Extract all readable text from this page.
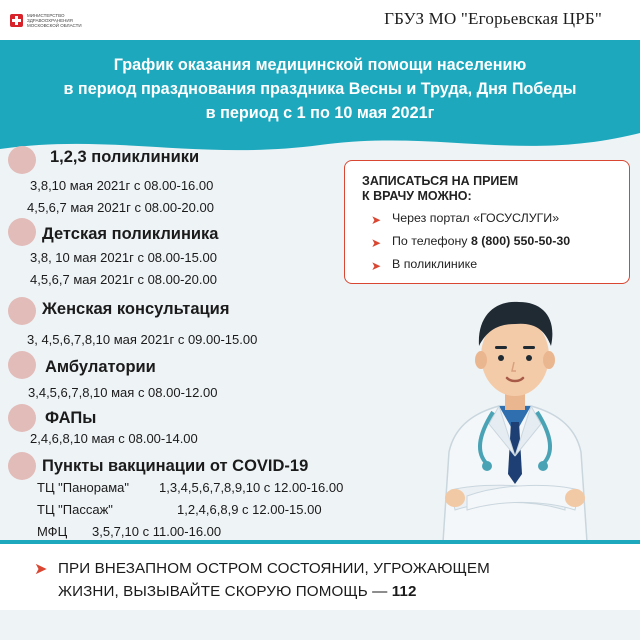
МИНИСТЕРСТВО ЗДРАВООХРАНЕНИЯ МОСКОВСКОЙ ОБЛАСТИ	ГБУЗ МО "Егорьевская ЦРБ"
График оказания медицинской помощи населению
в период празднования праздника Весны и Труда, Дня Победы
в период с 1 по 10 мая 2021г
1,2,3 поликлиники
3,8,10 мая 2021г с 08.00-16.00
4,5,6,7 мая 2021г с 08.00-20.00
Детская поликлиника
3,8, 10 мая 2021г с 08.00-15.00
4,5,6,7 мая 2021г с 08.00-20.00
Женская консультация
3, 4,5,6,7,8,10 мая 2021г с 09.00-15.00
Амбулатории
3,4,5,6,7,8,10 мая с 08.00-12.00
ФАПы
2,4,6,8,10 мая с 08.00-14.00
Пункты вакцинации от COVID-19
ТЦ "Панорама" 1,3,4,5,6,7,8,9,10 с 12.00-16.00
ТЦ "Пассаж"	1,2,4,6,8,9 с 12.00-15.00
МФЦ 3,5,7,10 с 11.00-16.00
ЗАПИСАТЬСЯ НА ПРИЕМ
К ВРАЧУ МОЖНО:
➤ Через портал «ГОСУСЛУГИ»
➤ По телефону 8 (800) 550-50-30
➤ В поликлинике
➤ ПРИ ВНЕЗАПНОМ ОСТРОМ СОСТОЯНИИ, УГРОЖАЮЩЕМ
ЖИЗНИ, ВЫЗЫВАЙТЕ СКОРУЮ ПОМОЩЬ — 112
